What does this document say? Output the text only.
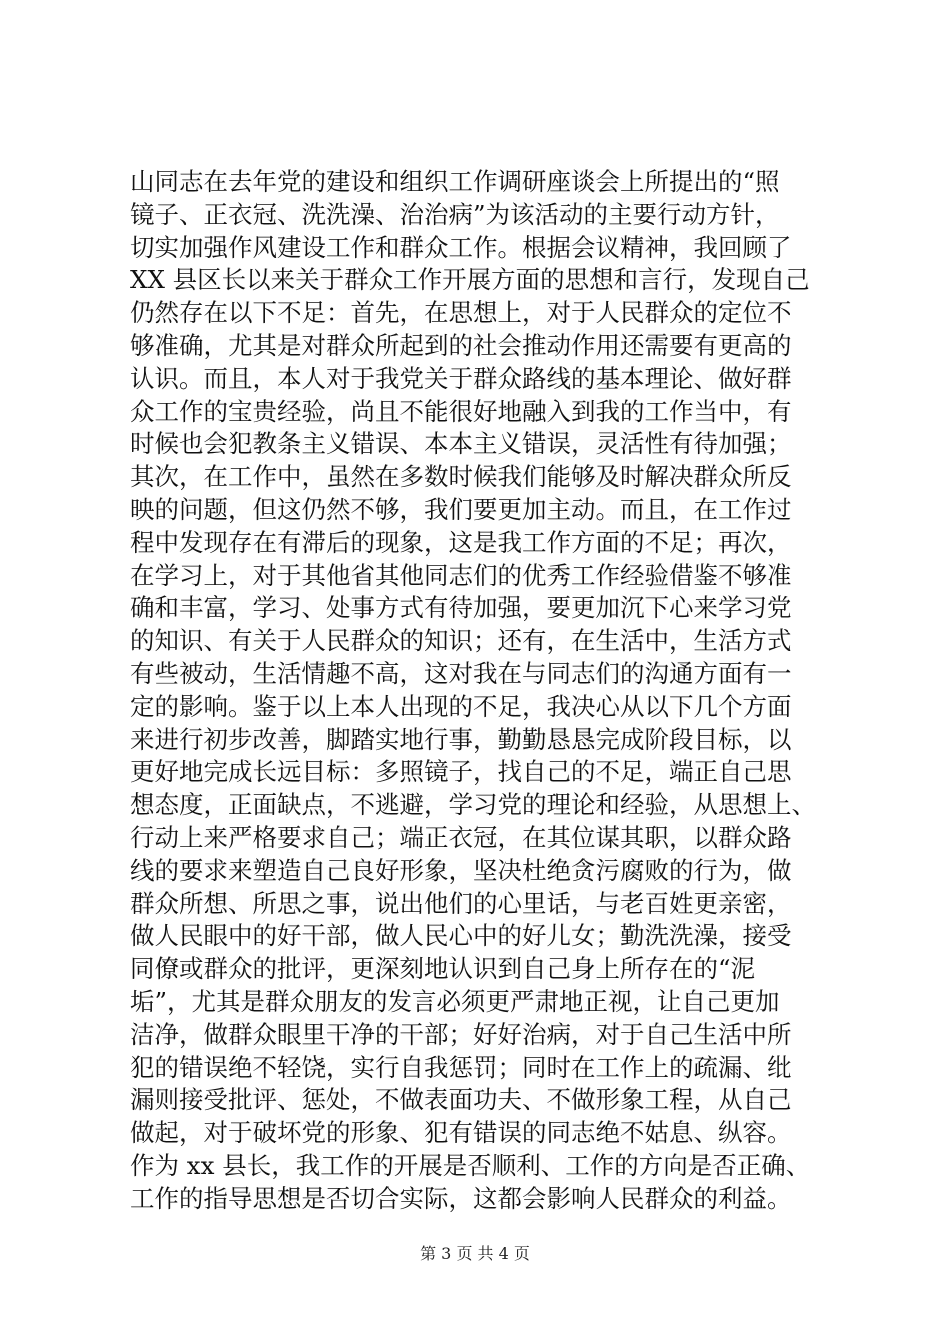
山同志在去年党的建设和组织工作调研座谈会上所提出的“照
镜子、正衣冠、洗洗澡、治治病”为该活动的主要行动方针，
切实加强作风建设工作和群众工作。根据会议精神，我回顾了
XX 县区长以来关于群众工作开展方面的思想和言行，发现自己
仍然存在以下不足：首先，在思想上，对于人民群众的定位不
够准确，尤其是对群众所起到的社会推动作用还需要有更高的
认识。而且，本人对于我党关于群众路线的基本理论、做好群
众工作的宝贵经验，尚且不能很好地融入到我的工作当中，有
时候也会犯教条主义错误、本本主义错误，灵活性有待加强；
其次，在工作中，虽然在多数时候我们能够及时解决群众所反
映的问题，但这仍然不够，我们要更加主动。而且，在工作过
程中发现存在有滞后的现象，这是我工作方面的不足；再次，
在学习上，对于其他省其他同志们的优秀工作经验借鉴不够准
确和丰富，学习、处事方式有待加强，要更加沉下心来学习党
的知识、有关于人民群众的知识；还有，在生活中，生活方式
有些被动，生活情趣不高，这对我在与同志们的沟通方面有一
定的影响。鉴于以上本人出现的不足，我决心从以下几个方面
来进行初步改善，脚踏实地行事，勤勤恳恳完成阶段目标，以
更好地完成长远目标：多照镜子，找自己的不足，端正自己思
想态度，正面缺点，不逃避，学习党的理论和经验，从思想上、
行动上来严格要求自己；端正衣冠，在其位谋其职，以群众路
线的要求来塑造自己良好形象，坚决杜绝贪污腐败的行为，做
群众所想、所思之事，说出他们的心里话，与老百姓更亲密，
做人民眼中的好干部，做人民心中的好儿女；勤洗洗澡，接受
同僚或群众的批评，更深刻地认识到自己身上所存在的“泥
垢”，尤其是群众朋友的发言必须更严肃地正视，让自己更加
洁净，做群众眼里干净的干部；好好治病，对于自己生活中所
犯的错误绝不轻饶，实行自我惩罚；同时在工作上的疏漏、纰
漏则接受批评、惩处，不做表面功夫、不做形象工程，从自己
做起，对于破坏党的形象、犯有错误的同志绝不姑息、纵容。
作为 xx 县长，我工作的开展是否顺利、工作的方向是否正确、
工作的指导思想是否切合实际，这都会影响人民群众的利益。
第 3 页 共 4 页
